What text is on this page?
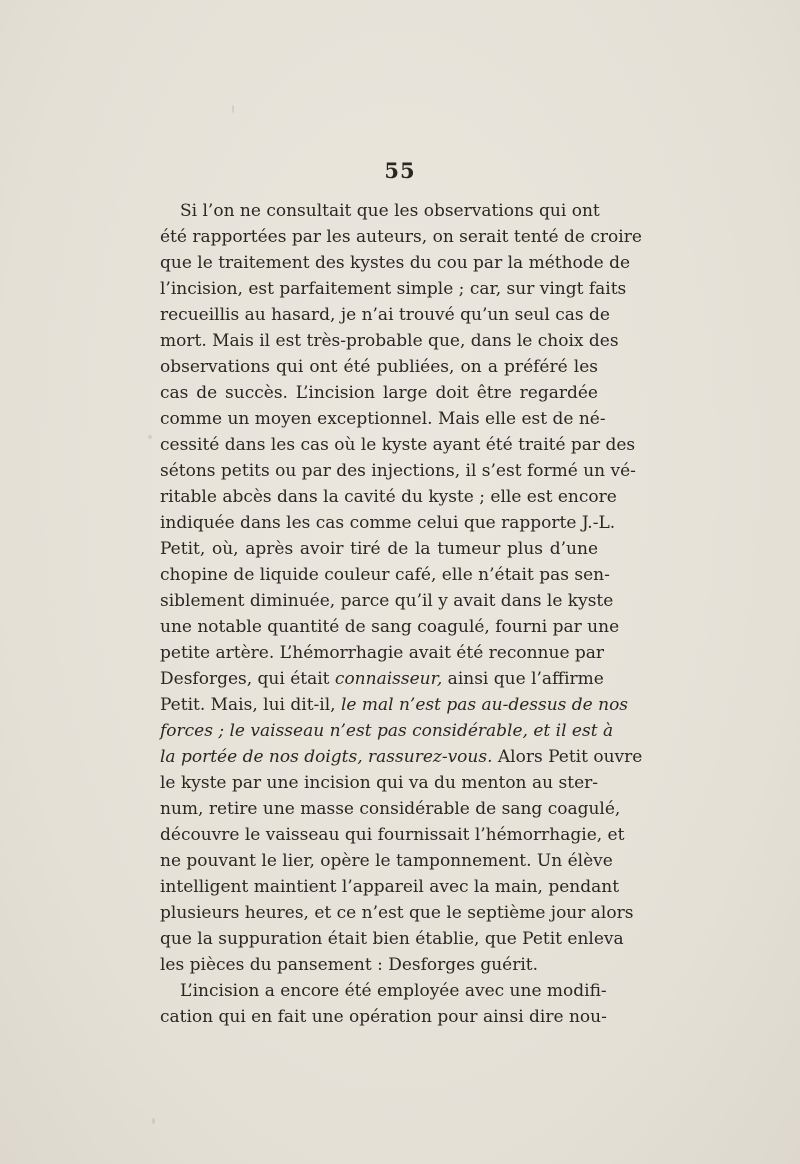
55
Si l’on ne consultait que les observations qui ont
été rapportées par les auteurs, on serait tenté de croire
que le traitement des kystes du cou par la méthode de
l’incision, est parfaitement simple ; car, sur vingt faits
recueillis au hasard, je n’ai trouvé qu’un seul cas de
mort. Mais il est très-probable que, dans le choix des
observations qui ont été publiées, on a préféré les
cas de succès. L’incision large doit être regardée
comme un moyen exceptionnel. Mais elle est de né-
cessité dans les cas où le kyste ayant été traité par des
sétons petits ou par des injections, il s’est formé un vé-
ritable abcès dans la cavité du kyste ; elle est encore
indiquée dans les cas comme celui que rapporte J.-L.
Petit, où, après avoir tiré de la tumeur plus d’une
chopine de liquide couleur café, elle n’était pas sen-
siblement diminuée, parce qu’il y avait dans le kyste
une notable quantité de sang coagulé, fourni par une
petite artère. L’hémorrhagie avait été reconnue par
Desforges, qui était connaisseur, ainsi que l’affirme
Petit. Mais, lui dit-il, le mal n’est pas au-dessus de nos
forces ; le vaisseau n’est pas considérable, et il est à
la portée de nos doigts, rassurez-vous. Alors Petit ouvre
le kyste par une incision qui va du menton au ster-
num, retire une masse considérable de sang coagulé,
découvre le vaisseau qui fournissait l’hémorrhagie, et
ne pouvant le lier, opère le tamponnement. Un élève
intelligent maintient l’appareil avec la main, pendant
plusieurs heures, et ce n’est que le septième jour alors
que la suppuration était bien établie, que Petit enleva
les pièces du pansement : Desforges guérit.
L’incision a encore été employée avec une modifi-
cation qui en fait une opération pour ainsi dire nou-
